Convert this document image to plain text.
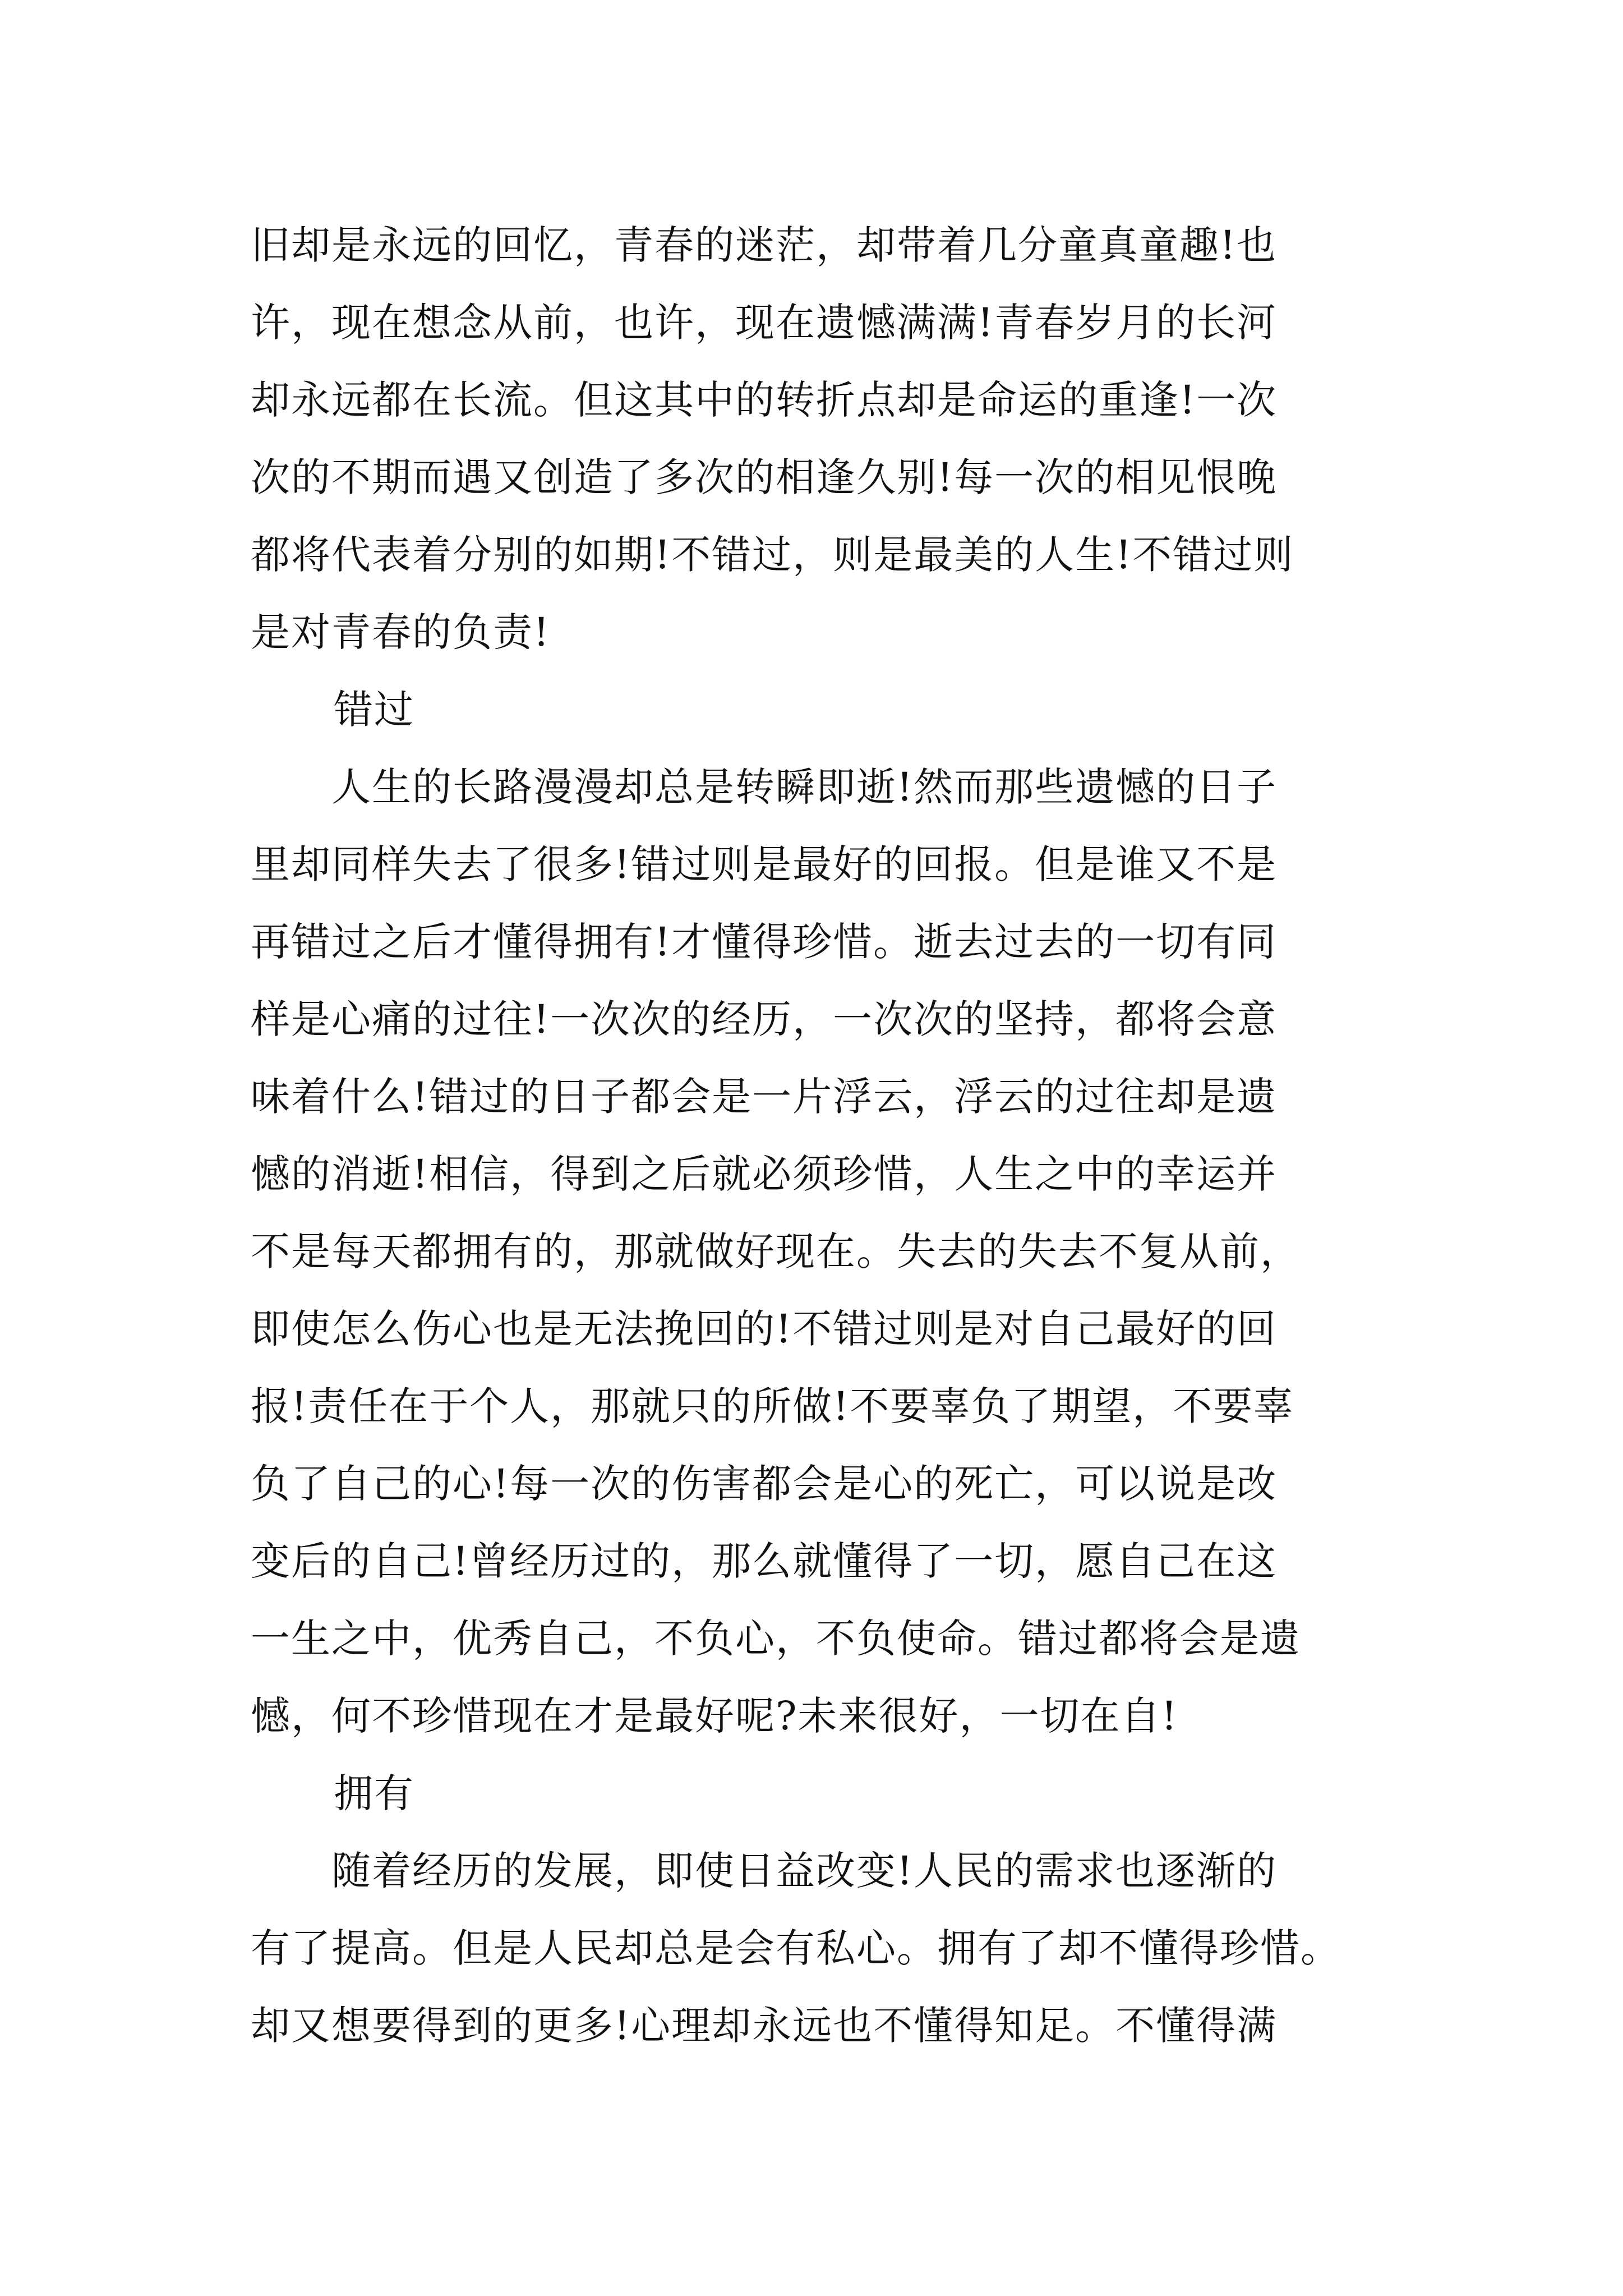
旧却是永远的回忆，青春的迷茫，却带着几分童真童趣!也
许，现在想念从前，也许，现在遗憾满满!青春岁月的长河
却永远都在长流。但这其中的转折点却是命运的重逢!一次
次的不期而遇又创造了多次的相逢久别!每一次的相见恨晚
都将代表着分别的如期!不错过，则是最美的人生!不错过则
是对青春的负责!
错过
　　人生的长路漫漫却总是转瞬即逝!然而那些遗憾的日子
里却同样失去了很多!错过则是最好的回报。但是谁又不是
再错过之后才懂得拥有!才懂得珍惜。逝去过去的一切有同
样是心痛的过往!一次次的经历，一次次的坚持，都将会意
味着什么!错过的日子都会是一片浮云，浮云的过往却是遗
憾的消逝!相信，得到之后就必须珍惜，人生之中的幸运并
不是每天都拥有的，那就做好现在。失去的失去不复从前，
即使怎么伤心也是无法挽回的!不错过则是对自己最好的回
报!责任在于个人，那就只的所做!不要辜负了期望，不要辜
负了自己的心!每一次的伤害都会是心的死亡，可以说是改
变后的自己!曾经历过的，那么就懂得了一切，愿自己在这
一生之中，优秀自己，不负心，不负使命。错过都将会是遗
憾，何不珍惜现在才是最好呢?未来很好，一切在自!
拥有
　　随着经历的发展，即使日益改变!人民的需求也逐渐的
有了提高。但是人民却总是会有私心。拥有了却不懂得珍惜。
却又想要得到的更多!心理却永远也不懂得知足。不懂得满
